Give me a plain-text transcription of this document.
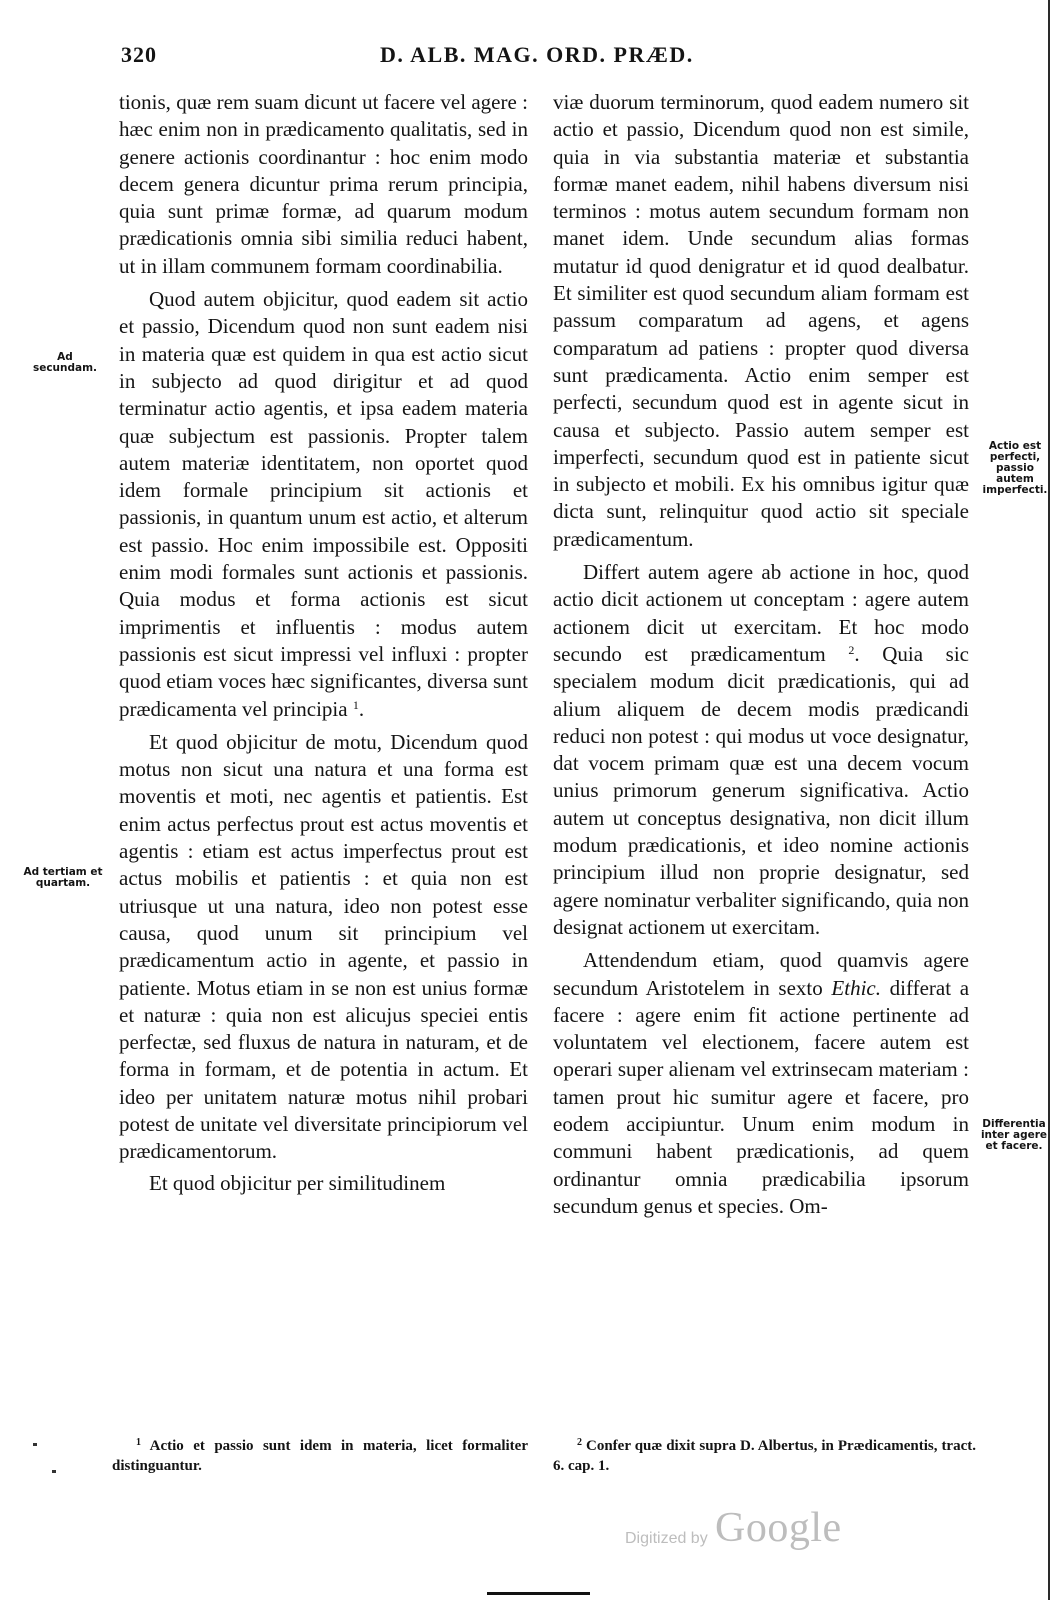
320	D. ALB. MAG. ORD. PRÆD.

tionis, quæ rem suam dicunt ut facere vel agere : hæc enim non in prædicamento qualitatis, sed in genere actionis coordinantur : hoc enim modo decem genera dicuntur prima rerum principia, quia sunt primæ formæ, ad quarum modum prædicationis omnia sibi similia reduci habent, ut in illam communem formam coordinabilia.

Quod autem objicitur, quod eadem sit actio et passio, Dicendum quod non sunt eadem nisi in materia quæ est quidem in qua est actio sicut in subjecto ad quod dirigitur et ad quod terminatur actio agentis, et ipsa eadem materia quæ subjectum est passionis. Propter talem autem materiæ identitatem, non oportet quod idem formale principium sit actionis et passionis, in quantum unum est actio, et alterum est passio. Hoc enim impossibile est. Oppositi enim modi formales sunt actionis et passionis. Quia modus et forma actionis est sicut imprimentis et influentis : modus autem passionis est sicut impressi vel influxi : propter quod etiam voces hæc significantes, diversa sunt prædicamenta vel principia $^1$.

Et quod objicitur de motu, Dicendum quod motus non sicut una natura et una forma est moventis et moti, nec agentis et patientis. Est enim actus perfectus prout est actus moventis et agentis : etiam est actus imperfectus prout est actus mobilis et patientis : et quia non est utriusque ut una natura, ideo non potest esse causa, quod unum sit principium vel prædicamentum actio in agente, et passio in patiente. Motus etiam in se non est unius formæ et naturæ : quia non est alicujus speciei entis perfectæ, sed fluxus de natura in naturam, et de forma in formam, et de potentia in actum. Et ideo per unitatem naturæ motus nihil probari potest de unitate vel diversitate principiorum vel prædicamentorum.

Et quod objicitur per similitudinem

viæ duorum terminorum, quod eadem numero sit actio et passio, Dicendum quod non est simile, quia in via substantia materiæ et substantia formæ manet eadem, nihil habens diversum nisi terminos : motus autem secundum formam non manet idem. Unde secundum alias formas mutatur id quod denigratur et id quod dealbatur. Et similiter est quod secundum aliam formam est passum comparatum ad agens, et agens comparatum ad patiens : propter quod diversa sunt prædicamenta. Actio enim semper est perfecti, secundum quod est in agente sicut in causa et subjecto. Passio autem semper est imperfecti, secundum quod est in patiente sicut in subjecto et mobili. Ex his omnibus igitur quæ dicta sunt, relinquitur quod actio sit speciale prædicamentum.

Differt autem agere ab actione in hoc, quod actio dicit actionem ut conceptam : agere autem actionem dicit ut exercitam. Et hoc modo secundo est prædicamentum $^2$. Quia sic specialem modum dicit prædicationis, qui ad alium aliquem de decem modis prædicandi reduci non potest : qui modus ut voce designatur, dat vocem primam quæ est una decem vocum unius primorum generum significativa. Actio autem ut conceptus designativa, non dicit illum modum prædicationis, et ideo nomine actionis principium illud non proprie designatur, sed agere nominatur verbaliter significando, quia non designat actionem ut exercitam.

Attendendum etiam, quod quamvis agere secundum Aristotelem in sexto Ethic. differat a facere : agere enim fit actione pertinente ad voluntatem vel electionem, facere autem est operari super alienam vel extrinsecam materiam : tamen prout hic sumitur agere et facere, pro eodem accipiuntur. Unum enim modum in communi habent prædicationis, ad quem ordinantur omnia prædicabilia ipsorum secundum genus et species. Om-

Ad secundam.
Ad tertiam et quartam.
Actio est perfecti, passio autem imperfecti.
Differentia inter agere et facere.
$^1$ Actio et passio sunt idem in materia, licet formaliter distinguantur.
$^2$ Confer quæ dixit supra D. Albertus, in Prædicamentis, tract. 6. cap. 1.
Digitized by Google
